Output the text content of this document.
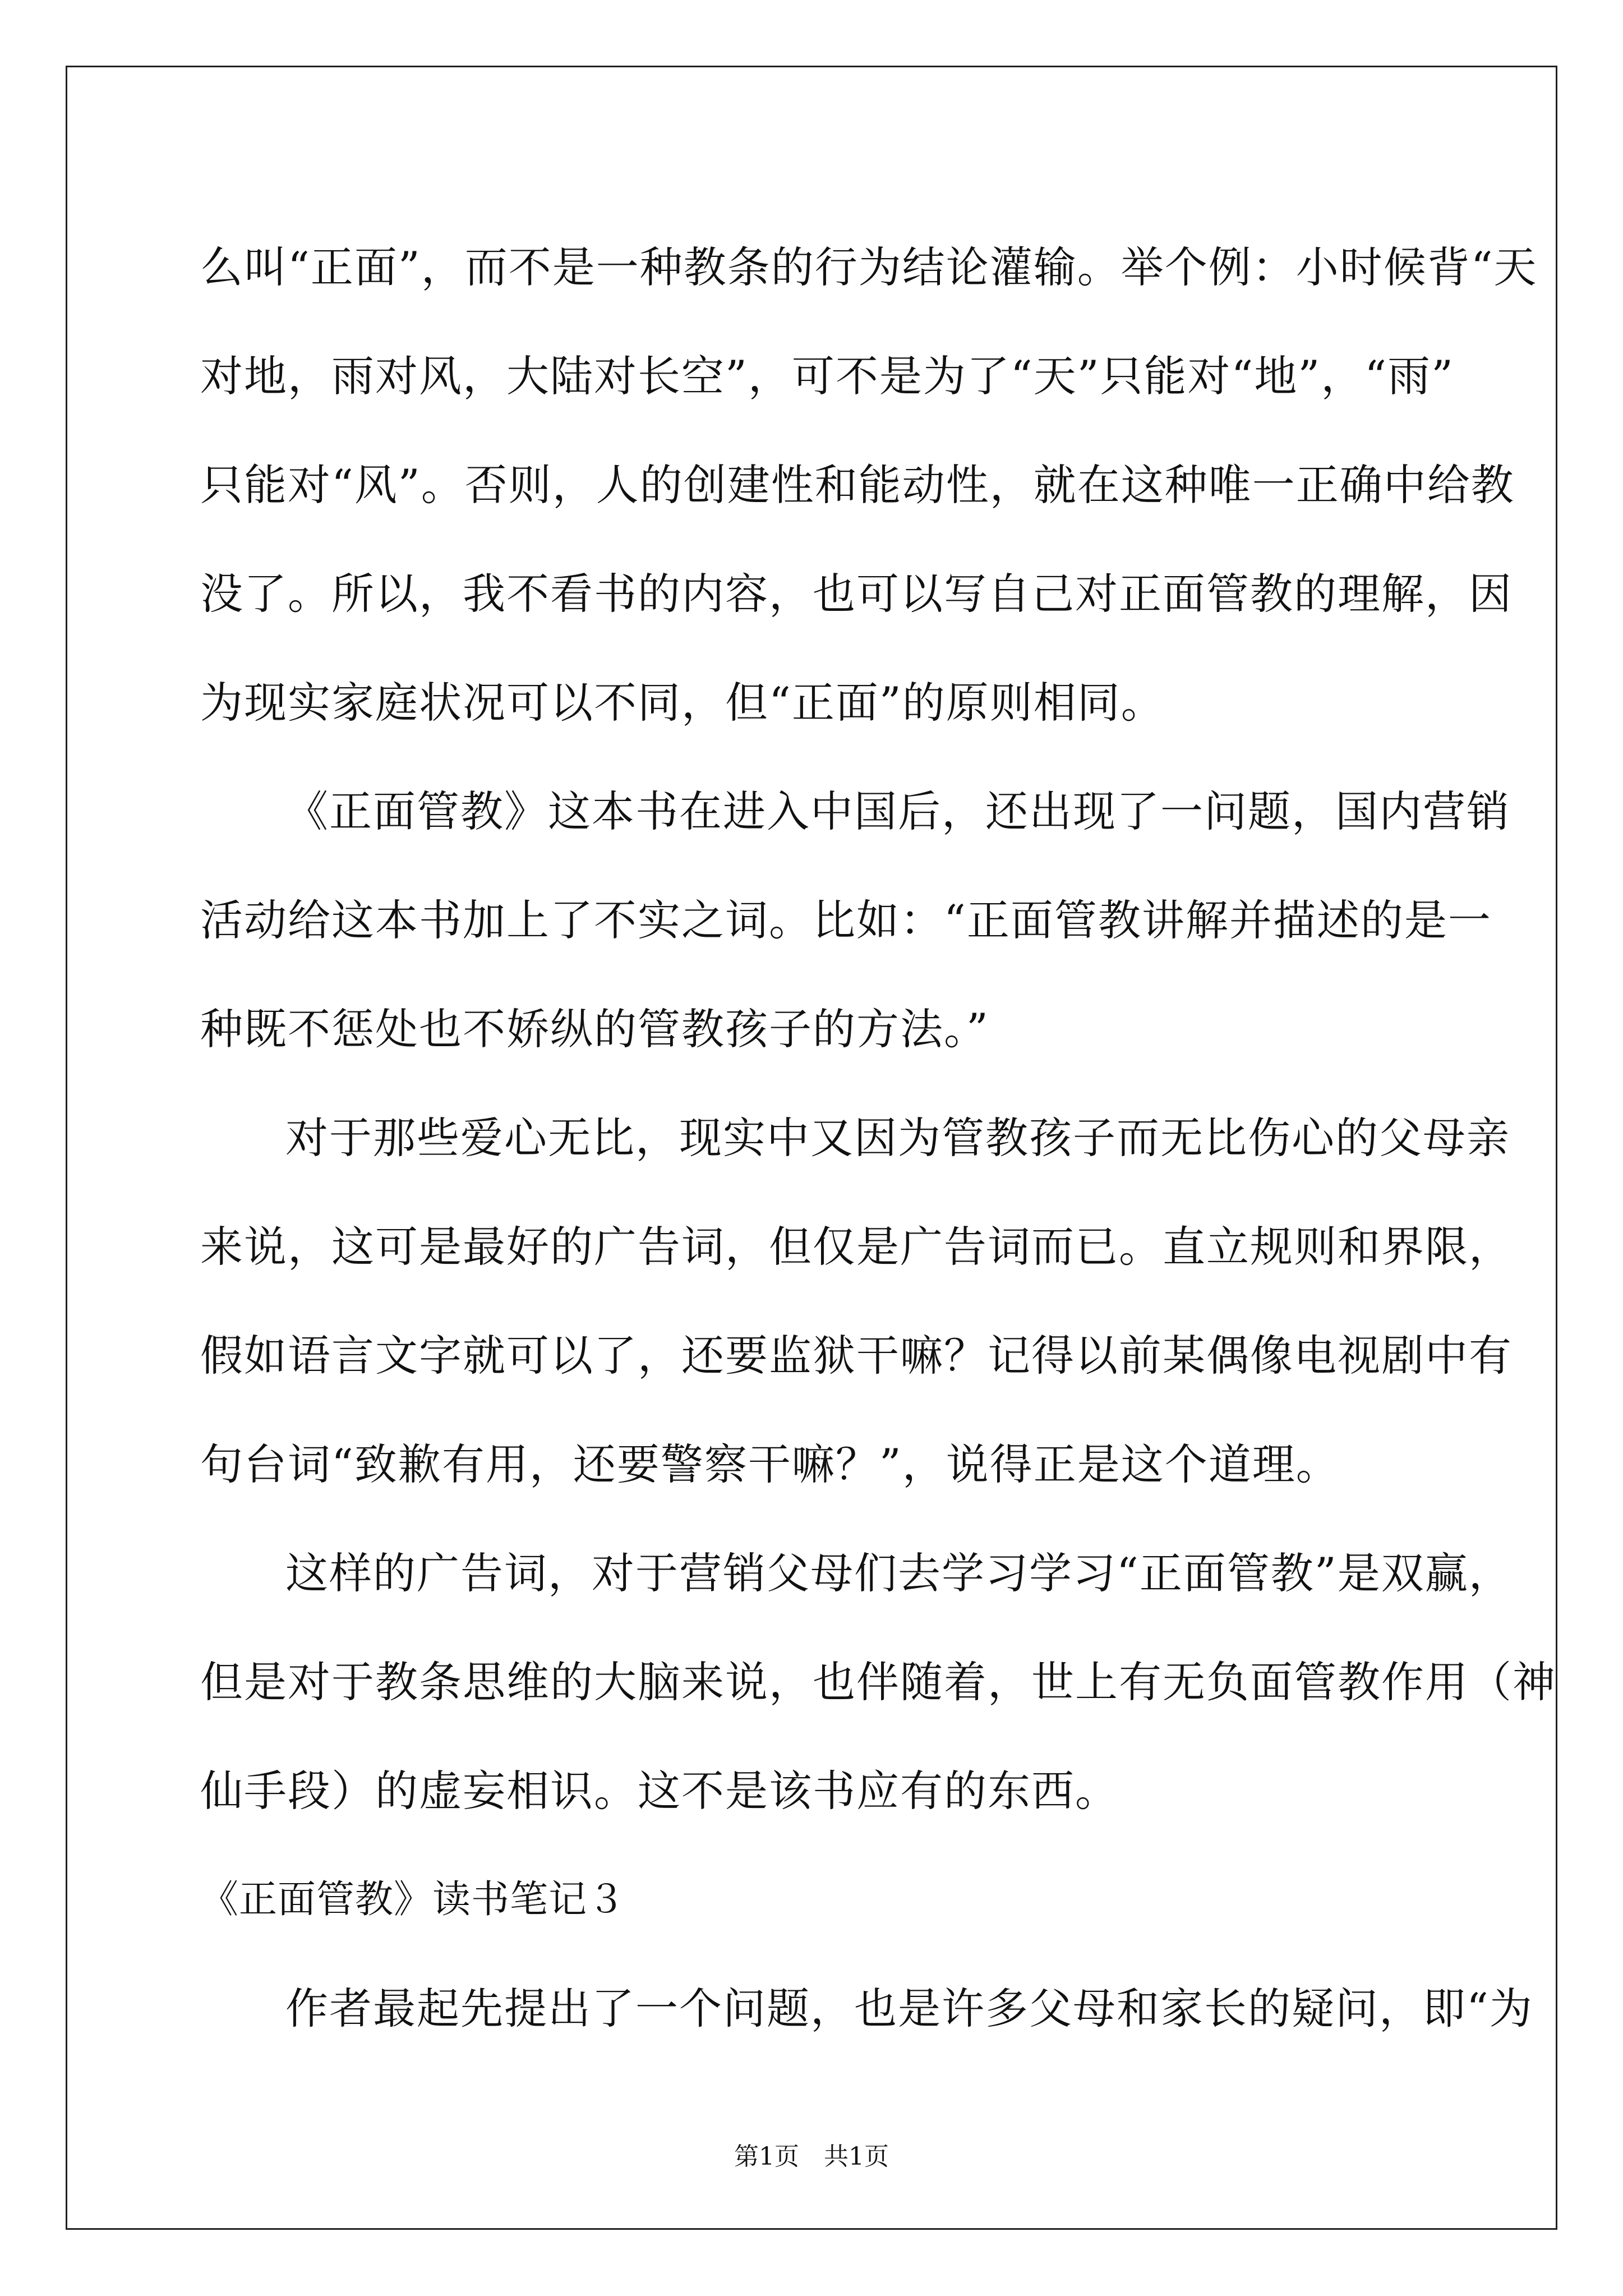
么叫“正面”，而不是一种教条的行为结论灌输。举个例：小时候背“天
对地，雨对风，大陆对长空”，可不是为了“天”只能对“地”，“雨”
只能对“风”。否则，人的创建性和能动性，就在这种唯一正确中给教
没了。所以，我不看书的内容，也可以写自己对正面管教的理解，因
为现实家庭状况可以不同，但“正面”的原则相同。
《正面管教》这本书在进入中国后，还出现了一问题，国内营销
活动给这本书加上了不实之词。比如：“正面管教讲解并描述的是一
种既不惩处也不娇纵的管教孩子的方法。”
对于那些爱心无比，现实中又因为管教孩子而无比伤心的父母亲
来说，这可是最好的广告词，但仅是广告词而已。直立规则和界限，
假如语言文字就可以了，还要监狱干嘛？记得以前某偶像电视剧中有
句台词“致歉有用，还要警察干嘛？”，说得正是这个道理。
这样的广告词，对于营销父母们去学习学习“正面管教”是双赢，
但是对于教条思维的大脑来说，也伴随着，世上有无负面管教作用（神
仙手段）的虚妄相识。这不是该书应有的东西。
《正面管教》读书笔记３
作者最起先提出了一个问题，也是许多父母和家长的疑问，即“为
第1页　共1页
